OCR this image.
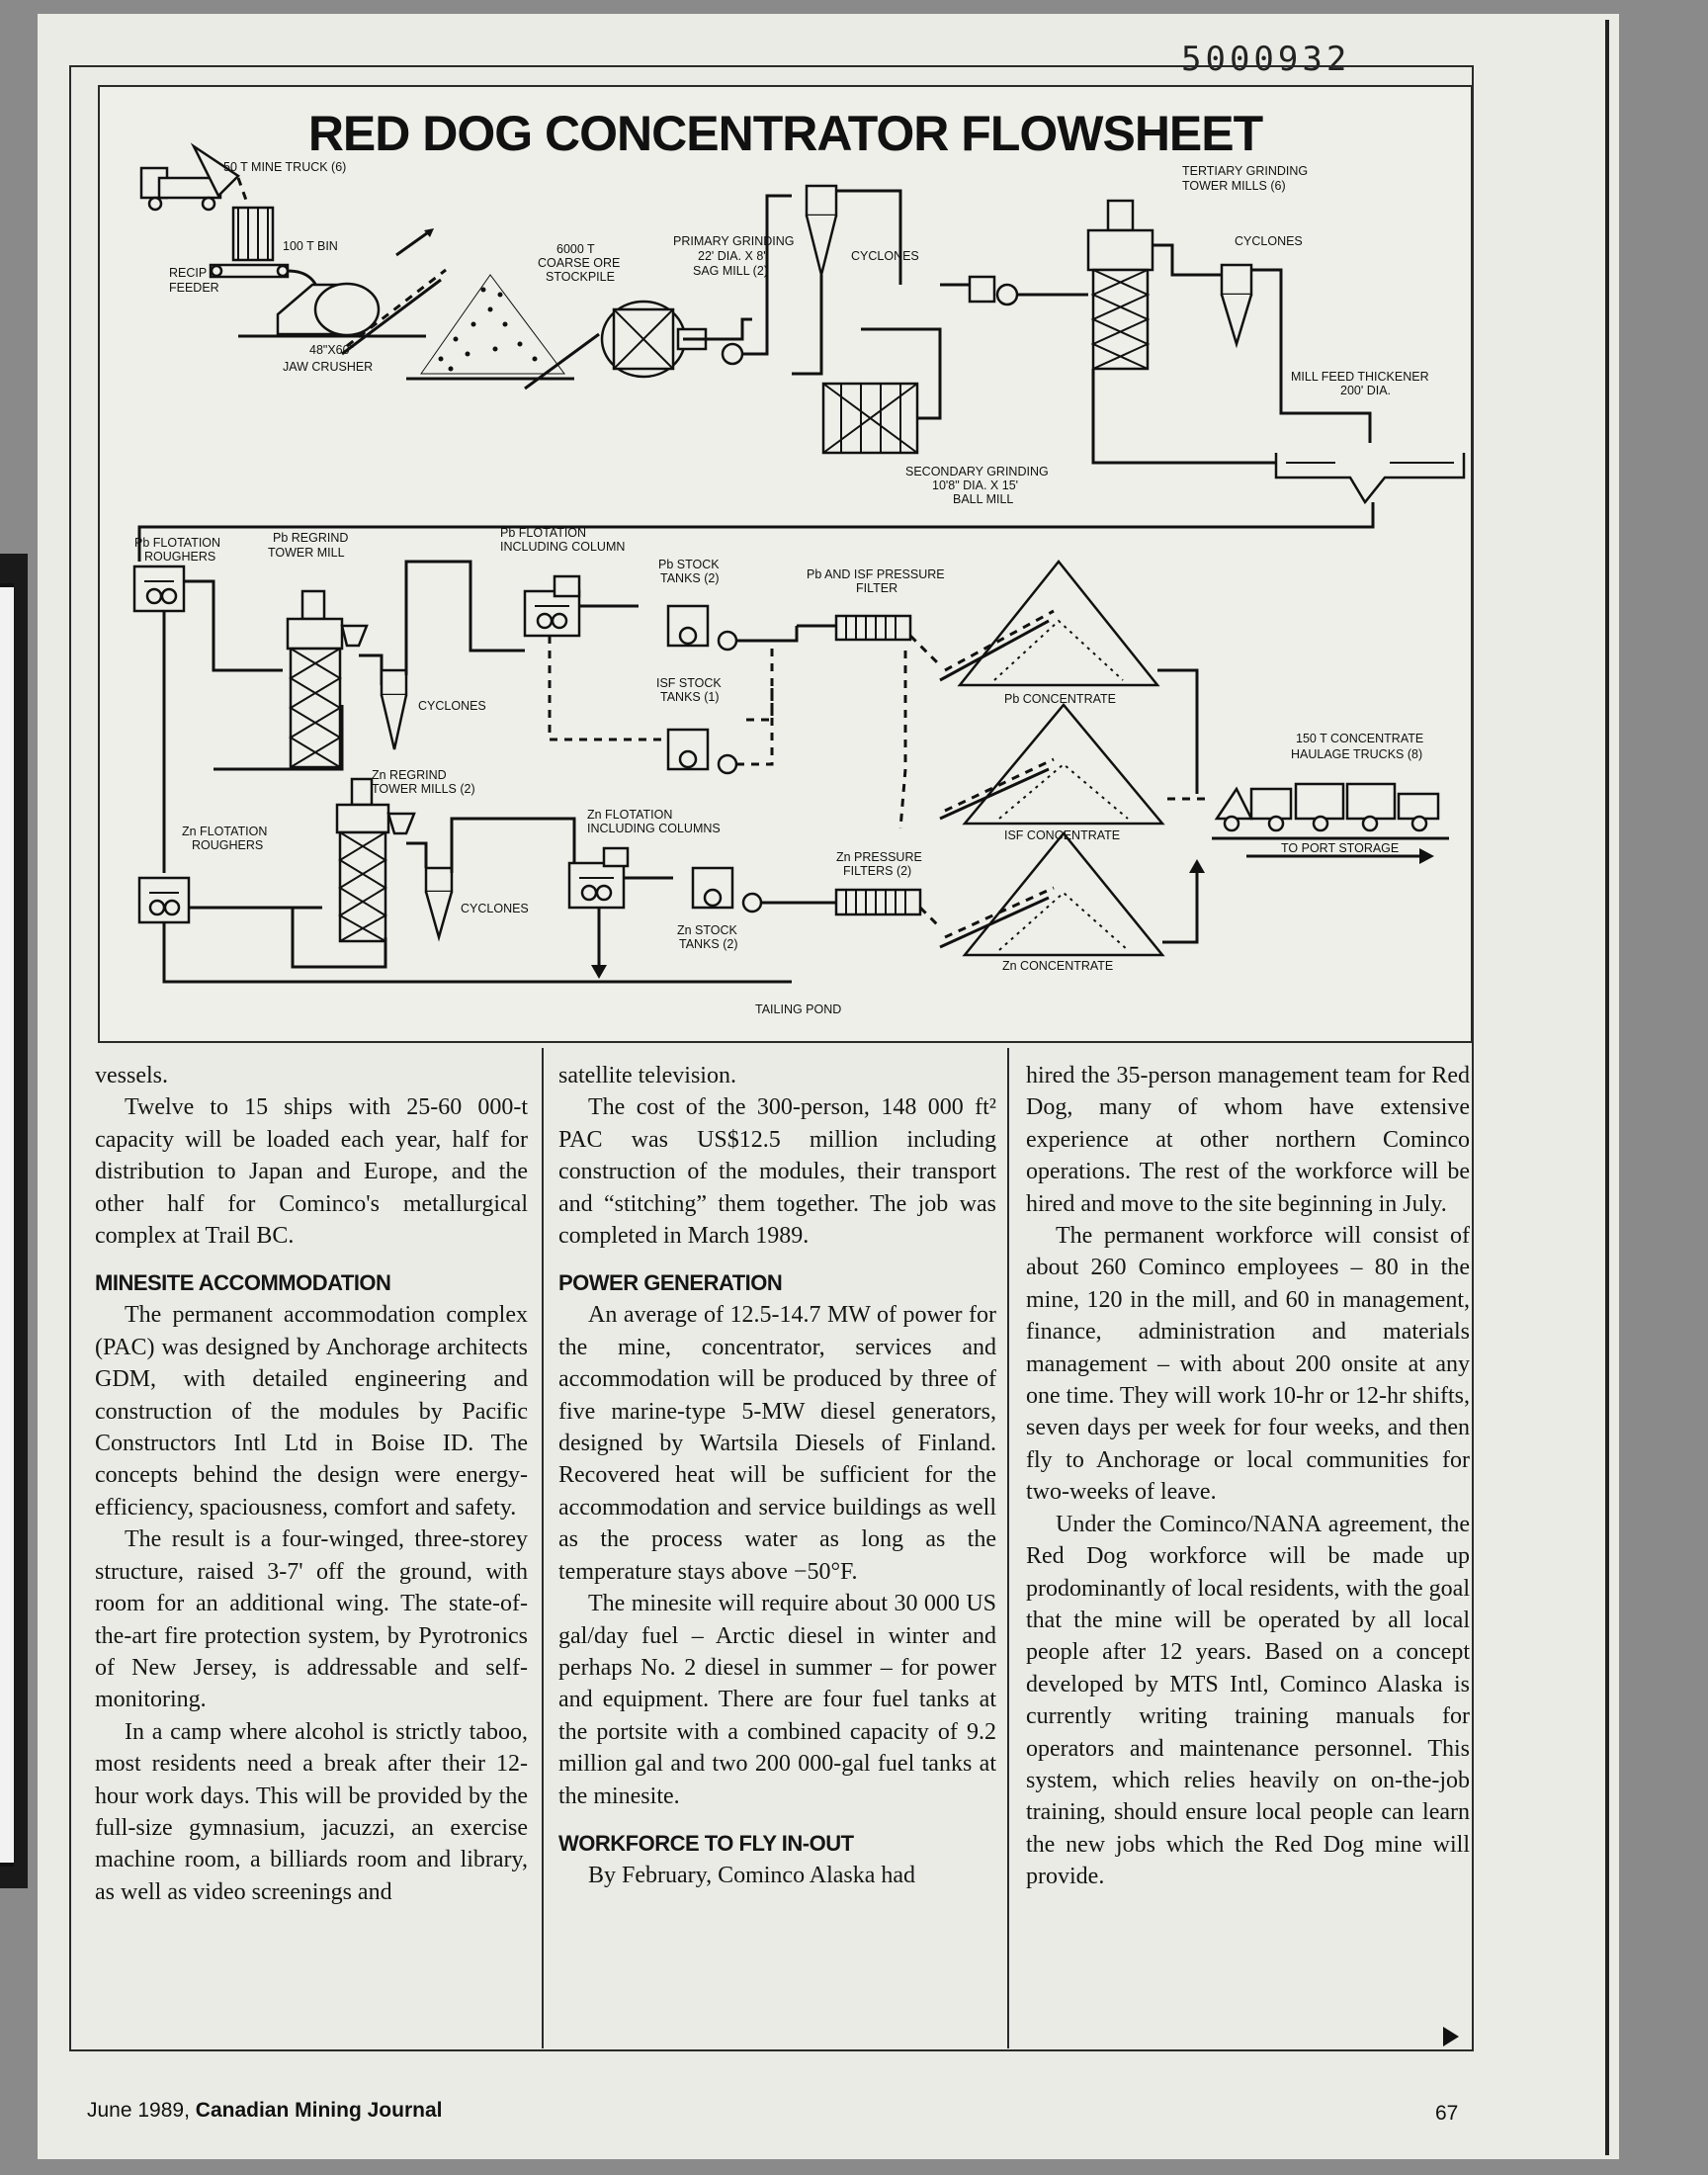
5000932
RED DOG CONCENTRATOR FLOWSHEET
50 T MINE TRUCK (6)
100 T BIN
RECIP
FEEDER
48"X60"
JAW CRUSHER
6000 T
COARSE ORE
STOCKPILE
PRIMARY GRINDING
22' DIA. X 8'
SAG MILL (2)
CYCLONES
SECONDARY GRINDING
10'8" DIA. X 15'
BALL MILL
TERTIARY GRINDING
TOWER MILLS (6)
CYCLONES
MILL FEED THICKENER
200' DIA.
Pb FLOTATION
ROUGHERS
Pb REGRIND
TOWER MILL
Pb FLOTATION
INCLUDING COLUMN
Pb STOCK
TANKS (2)	Pb AND ISF PRESSURE
FILTER
CYCLONES
ISF STOCK
TANKS (1)	Pb CONCENTRATE
ISF CONCENTRATE
150 T CONCENTRATE
HAULAGE TRUCKS (8)
TO PORT STORAGE
Zn REGRIND
TOWER MILLS (2)
Zn FLOTATION
ROUGHERS
Zn FLOTATION
INCLUDING COLUMNS
CYCLONES
Zn PRESSURE
FILTERS (2)
Zn STOCK
TANKS (2)
Zn CONCENTRATE
TAILING POND

vessels.

Twelve to 15 ships with 25-60 000-t capacity will be loaded each year, half for distribution to Japan and Europe, and the other half for Cominco's metallurgical complex at Trail BC.

MINESITE ACCOMMODATION

The permanent accommodation complex (PAC) was designed by Anchorage architects GDM, with detailed engineering and construction of the modules by Pacific Constructors Intl Ltd in Boise ID. The concepts behind the design were energy-efficiency, spaciousness, comfort and safety.

The result is a four-winged, three-storey structure, raised 3-7' off the ground, with room for an additional wing. The state-of-the-art fire protection system, by Pyrotronics of New Jersey, is addressable and self-monitoring.

In a camp where alcohol is strictly taboo, most residents need a break after their 12-hour work days. This will be provided by the full-size gymnasium, jacuzzi, an exercise machine room, a billiards room and library, as well as video screenings and

satellite television.

The cost of the 300-person, 148 000 ft² PAC was US$12.5 million including construction of the modules, their transport and “stitching” them together. The job was completed in March 1989.

POWER GENERATION

An average of 12.5-14.7 MW of power for the mine, concentrator, services and accommodation will be produced by three of five marine-type 5-MW diesel generators, designed by Wartsila Diesels of Finland. Recovered heat will be sufficient for the accommodation and service buildings as well as the process water as long as the temperature stays above −50°F.

The minesite will require about 30 000 US gal/day fuel – Arctic diesel in winter and perhaps No. 2 diesel in summer – for power and equipment. There are four fuel tanks at the portsite with a combined capacity of 9.2 million gal and two 200 000-gal fuel tanks at the minesite.

WORKFORCE TO FLY IN-OUT

By February, Cominco Alaska had

hired the 35-person management team for Red Dog, many of whom have extensive experience at other northern Cominco operations. The rest of the workforce will be hired and move to the site beginning in July.

The permanent workforce will consist of about 260 Cominco employees – 80 in the mine, 120 in the mill, and 60 in management, finance, administration and materials management – with about 200 onsite at any one time. They will work 10-hr or 12-hr shifts, seven days per week for four weeks, and then fly to Anchorage or local communities for two-weeks of leave.

Under the Cominco/NANA agreement, the Red Dog workforce will be made up prodominantly of local residents, with the goal that the mine will be operated by all local people after 12 years. Based on a concept developed by MTS Intl, Cominco Alaska is currently writing training manuals for operators and maintenance personnel. This system, which relies heavily on on-the-job training, should ensure local people can learn the new jobs which the Red Dog mine will provide.

June 1989, Canadian Mining Journal	67
